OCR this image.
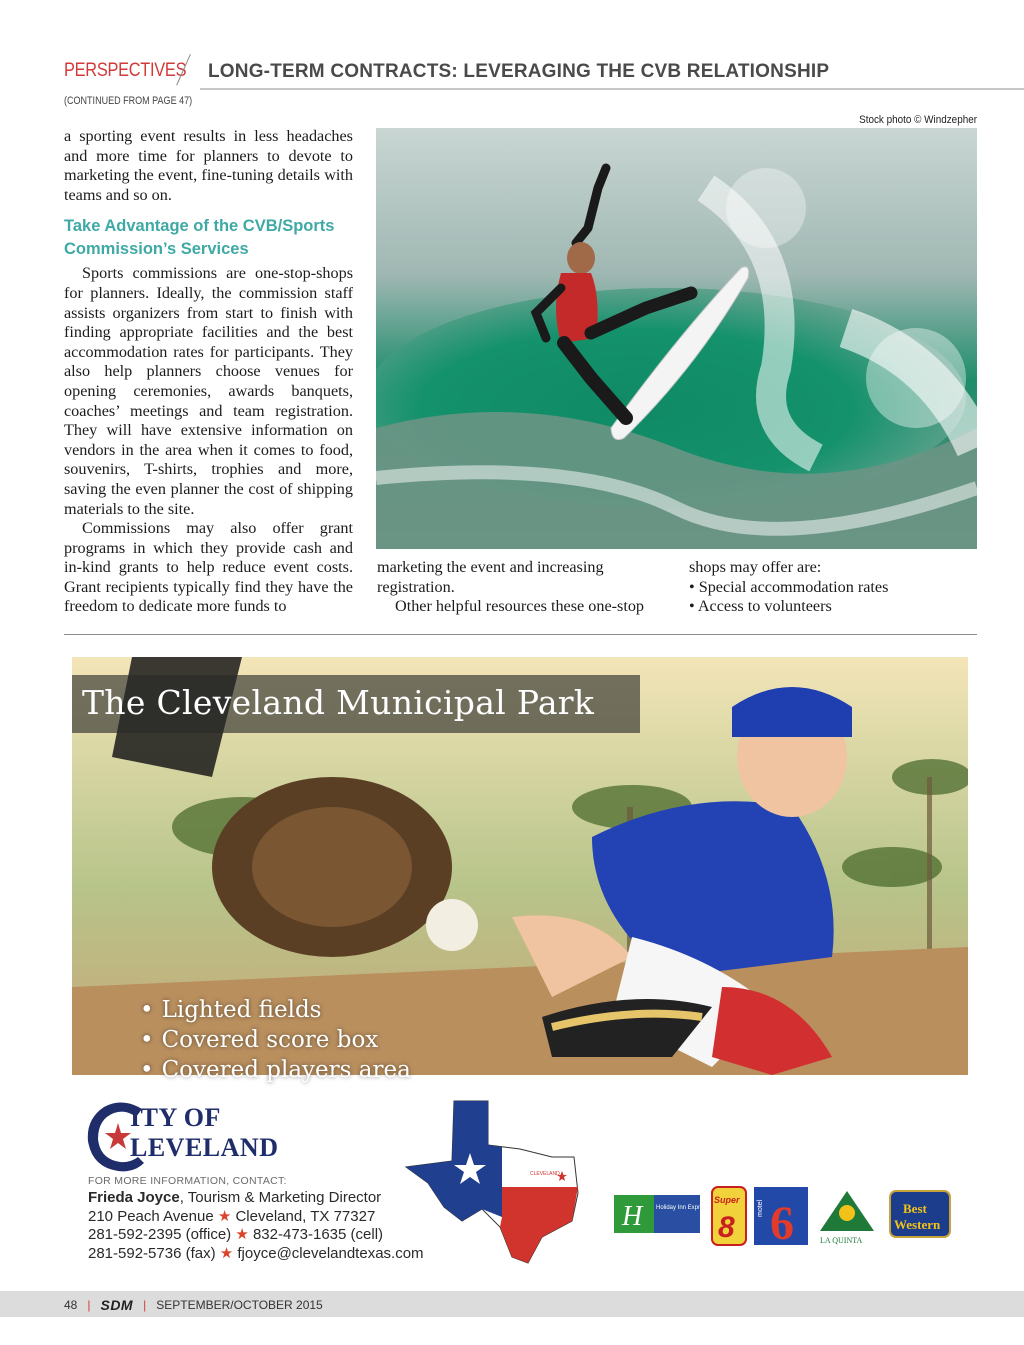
PERSPECTIVES LONG-TERM CONTRACTS: LEVERAGING THE CVB RELATIONSHIP
(CONTINUED FROM PAGE 47)
Stock photo © Windzepher

a sporting event results in less headaches and more time for planners to devote to marketing the event, fine-tuning details with teams and so on.

Take Advantage of the CVB/Sports Commission’s Services

Sports commissions are one-stop-shops for planners. Ideally, the commission staff assists organizers from start to finish with finding appropriate facilities and the best accommodation rates for participants. They also help planners choose venues for opening ceremonies, awards banquets, coaches’ meetings and team registration. They will have extensive information on vendors in the area when it comes to food, souvenirs, T-shirts, trophies and more, saving the even planner the cost of shipping materials to the site.

Commissions may also offer grant programs in which they provide cash and in-kind grants to help reduce event costs. Grant recipients typically find they have the freedom to dedicate more funds to

marketing the event and increasing registration.

Other helpful resources these one-stop

shops may offer are:

• Special accommodation rates

• Access to volunteers

The Cleveland Municipal Park
• Lighted fields
• Covered score box
• Covered players area
ITY OF
LEVELAND
FOR MORE INFORMATION, CONTACT:
Frieda Joyce, Tourism & Marketing Director
210 Peach Avenue ★ Cleveland, TX 77327
281-592-2395 (office) ★ 832-473-1635 (cell)
281-592-5736 (fax) ★ fjoyce@clevelandtexas.com
CLEVELAND
H Holiday Inn Express
Super
8
motel 6	LA QUINTA
Best
Western
48 | SDM | SEPTEMBER/OCTOBER 2015
